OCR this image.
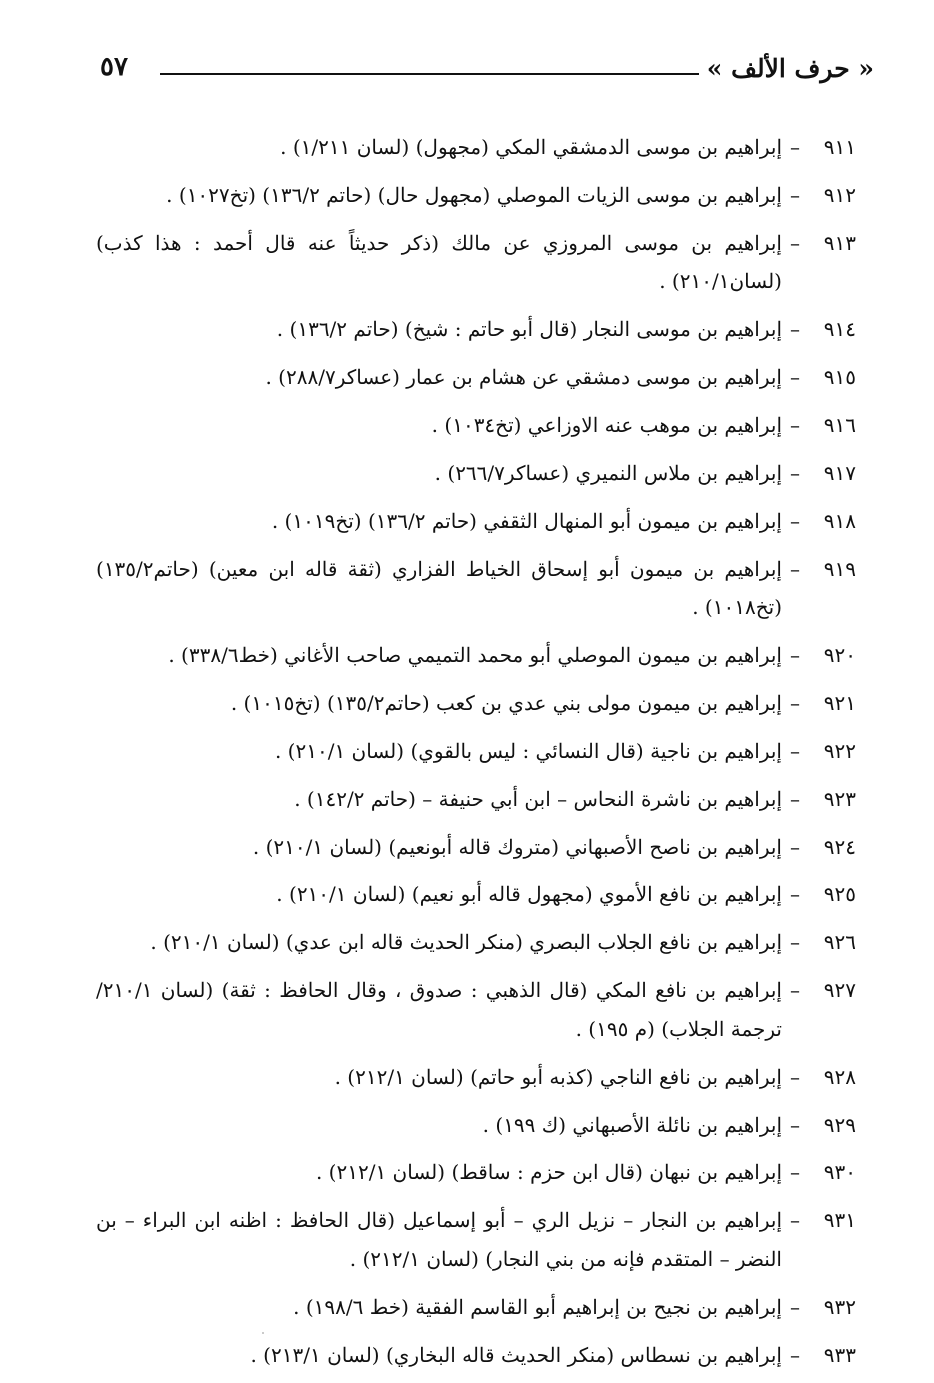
« حرف الألف »
٥٧
٩١١
–
إبراهيم بن موسى الدمشقي المكي (مجهول) (لسان ١/٢١١) .
٩١٢
–
إبراهيم بن موسى الزيات الموصلي (مجهول حال) (حاتم ١٣٦/٢) (تخ١٠٢٧) .
٩١٣
–
إبراهيم بن موسى المروزي عن مالك (ذكر حديثاً عنه قال أحمد : هذا كذب) (لسان٢١٠/١) .
٩١٤
–
إبراهيم بن موسى النجار (قال أبو حاتم : شيخ) (حاتم ١٣٦/٢) .
٩١٥
–
إبراهيم بن موسى دمشقي عن هشام بن عمار (عساكر٢٨٨/٧) .
٩١٦
–
إبراهيم بن موهب عنه الاوزاعي (تخ١٠٣٤) .
٩١٧
–
إبراهيم بن ملاس النميري (عساكر٢٦٦/٧) .
٩١٨
–
إبراهيم بن ميمون أبو المنهال الثقفي (حاتم ١٣٦/٢) (تخ١٠١٩) .
٩١٩
–
إبراهيم بن ميمون أبو إسحاق الخياط الفزاري (ثقة قاله ابن معين) (حاتم١٣٥/٢) (تخ١٠١٨) .
٩٢٠
–
إبراهيم بن ميمون الموصلي أبو محمد التميمي صاحب الأغاني (خط٣٣٨/٦) .
٩٢١
–
إبراهيم بن ميمون مولى بني عدي بن كعب (حاتم١٣٥/٢) (تخ١٠١٥) .
٩٢٢
–
إبراهيم بن ناجية (قال النسائي : ليس بالقوي) (لسان ٢١٠/١) .
٩٢٣
–
إبراهيم بن ناشرة النحاس – ابن أبي حنيفة – (حاتم ١٤٢/٢) .
٩٢٤
–
إبراهيم بن ناصح الأصبهاني (متروك قاله أبونعيم) (لسان ٢١٠/١) .
٩٢٥
–
إبراهيم بن نافع الأموي (مجهول قاله أبو نعيم) (لسان ٢١٠/١) .
٩٢٦
–
إبراهيم بن نافع الجلاب البصري (منكر الحديث قاله ابن عدي) (لسان ٢١٠/١) .
٩٢٧
–
إبراهيم بن نافع المكي (قال الذهبي : صدوق ، وقال الحافظ : ثقة) (لسان ٢١٠/١/ ترجمة الجلاب) (م ١٩٥) .
٩٢٨
–
إبراهيم بن نافع الناجي (كذبه أبو حاتم) (لسان ٢١٢/١) .
٩٢٩
–
إبراهيم بن نائلة الأصبهاني (ك ١٩٩) .
٩٣٠
–
إبراهيم بن نبهان (قال ابن حزم : ساقط) (لسان ٢١٢/١) .
٩٣١
–
إبراهيم بن النجار – نزيل الري – أبو إسماعيل (قال الحافظ : اظنه ابن البراء – بن النضر – المتقدم فإنه من بني النجار) (لسان ٢١٢/١) .
٩٣٢
–
إبراهيم بن نجيح بن إبراهيم أبو القاسم الفقية (خط ١٩٨/٦) .
٩٣٣
–
إبراهيم بن نسطاس (منكر الحديث قاله البخاري) (لسان ٢١٣/١) .
